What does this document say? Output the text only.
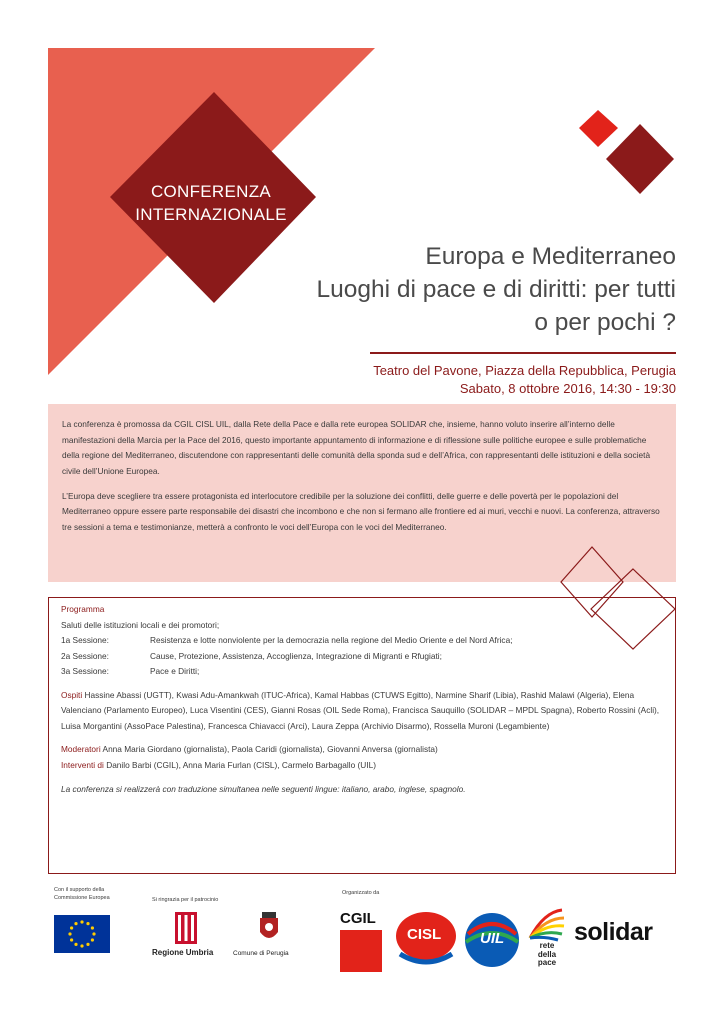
CONFERENZA
INTERNAZIONALE
Europa e Mediterraneo
Luoghi di pace e di diritti: per tutti
o per pochi ?
Teatro del Pavone, Piazza della Repubblica, Perugia
Sabato, 8 ottobre 2016, 14:30 - 19:30

La conferenza è promossa da CGIL CISL UIL, dalla Rete della Pace e dalla rete europea SOLIDAR che, insieme, hanno voluto inserire all’interno delle manifestazioni della Marcia per la Pace del 2016, questo importante appuntamento di informazione e di riflessione sulle politiche europee e sulle problematiche della regione del Mediterraneo, discutendone con rappresentanti delle comunità della sponda sud e dell’Africa, con rappresentanti delle istituzioni e della società civile dell’Unione Europea.

L’Europa deve scegliere tra essere protagonista ed interlocutore credibile per la soluzione dei conflitti, delle guerre e delle povertà per le popolazioni del Mediterraneo oppure essere parte responsabile dei disastri che incombono e che non si fermano alle frontiere ed ai muri, vecchi e nuovi. La conferenza, attraverso tre sessioni a tema e testimonianze, metterà a confronto le voci dell’Europa con le voci del Mediterraneo.

Programma
Saluti delle istituzioni locali e dei promotori;
1a Sessione:	Resistenza e lotte nonviolente per la democrazia nella regione del Medio Oriente e del Nord Africa;
2a Sessione:	Cause, Protezione, Assistenza, Accoglienza, Integrazione di Migranti e Rfugiati;
3a Sessione:	Pace e Diritti;
Ospiti Hassine Abassi (UGTT), Kwasi Adu-Amankwah (ITUC-Africa), Kamal Habbas (CTUWS Egitto), Narmine Sharif (Libia), Rashid Malawi (Algeria), Elena Valenciano (Parlamento Europeo), Luca Visentini (CES), Gianni Rosas (OIL Sede Roma), Francisca Sauquillo (SOLIDAR – MPDL Spagna), Roberto Rossini (Acli), Luisa Morgantini (AssoPace Palestina), Francesca Chiavacci (Arci), Laura Zeppa (Archivio Disarmo), Rossella Muroni (Legambiente)
Moderatori Anna Maria Giordano (giornalista), Paola Caridi (giornalista), Giovanni Anversa (giornalista)
Interventi di Danilo Barbi (CGIL), Anna Maria Furlan (CISL), Carmelo Barbagallo (UIL)
La conferenza si realizzerà con traduzione simultanea nelle seguenti lingue: italiano, arabo, inglese, spagnolo.
Con il supporto della
Commissione Europea	Si ringrazia per il patrocinio
Regione Umbria	Comune di Perugia
Organizzato da
CGIL
CISL	UIL	rete
della
pace
solidar
